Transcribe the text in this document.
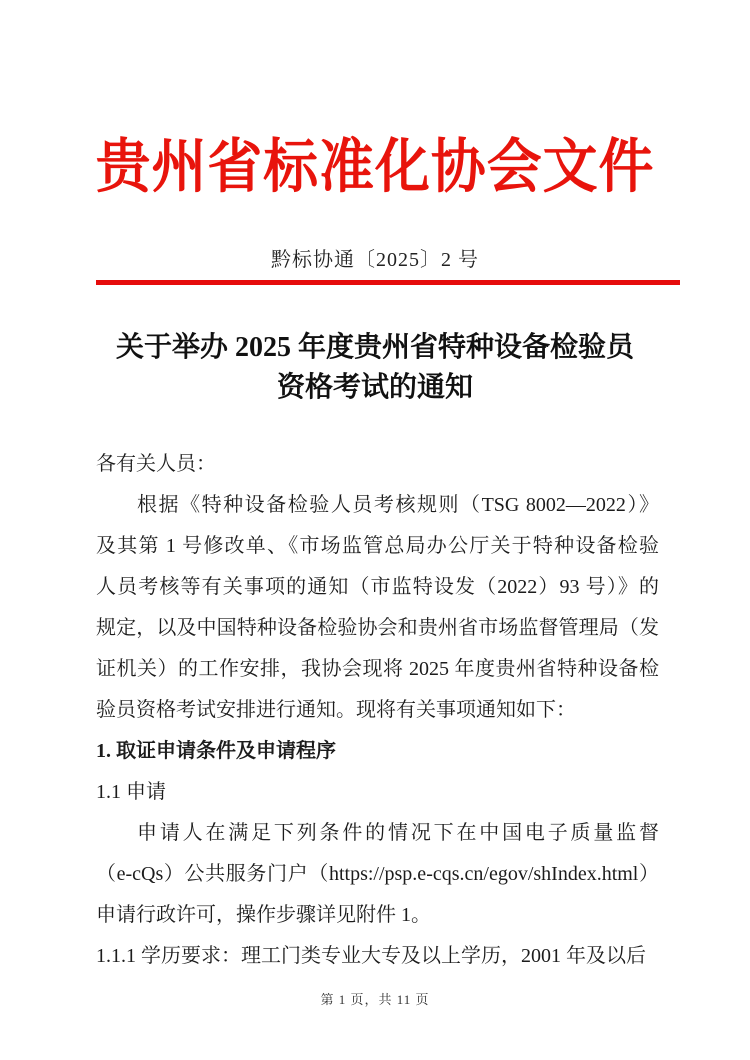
贵州省标准化协会文件
黔标协通〔2025〕2 号
关于举办 2025 年度贵州省特种设备检验员
资格考试的通知
各有关人员：
根据《特种设备检验人员考核规则（TSG 8002—2022）》
及其第 1 号修改单、《市场监管总局办公厅关于特种设备检验
人员考核等有关事项的通知（市监特设发（2022）93 号）》的
规定，以及中国特种设备检验协会和贵州省市场监督管理局（发
证机关）的工作安排，我协会现将 2025 年度贵州省特种设备检
验员资格考试安排进行通知。现将有关事项通知如下：
1. 取证申请条件及申请程序
1.1 申请
申请人在满足下列条件的情况下在中国电子质量监督
（e-cQs）公共服务门户（https://psp.e-cqs.cn/egov/shIndex.html）
申请行政许可，操作步骤详见附件 1。
1.1.1 学历要求：理工门类专业大专及以上学历，2001 年及以后
第 1 页，共 11 页
